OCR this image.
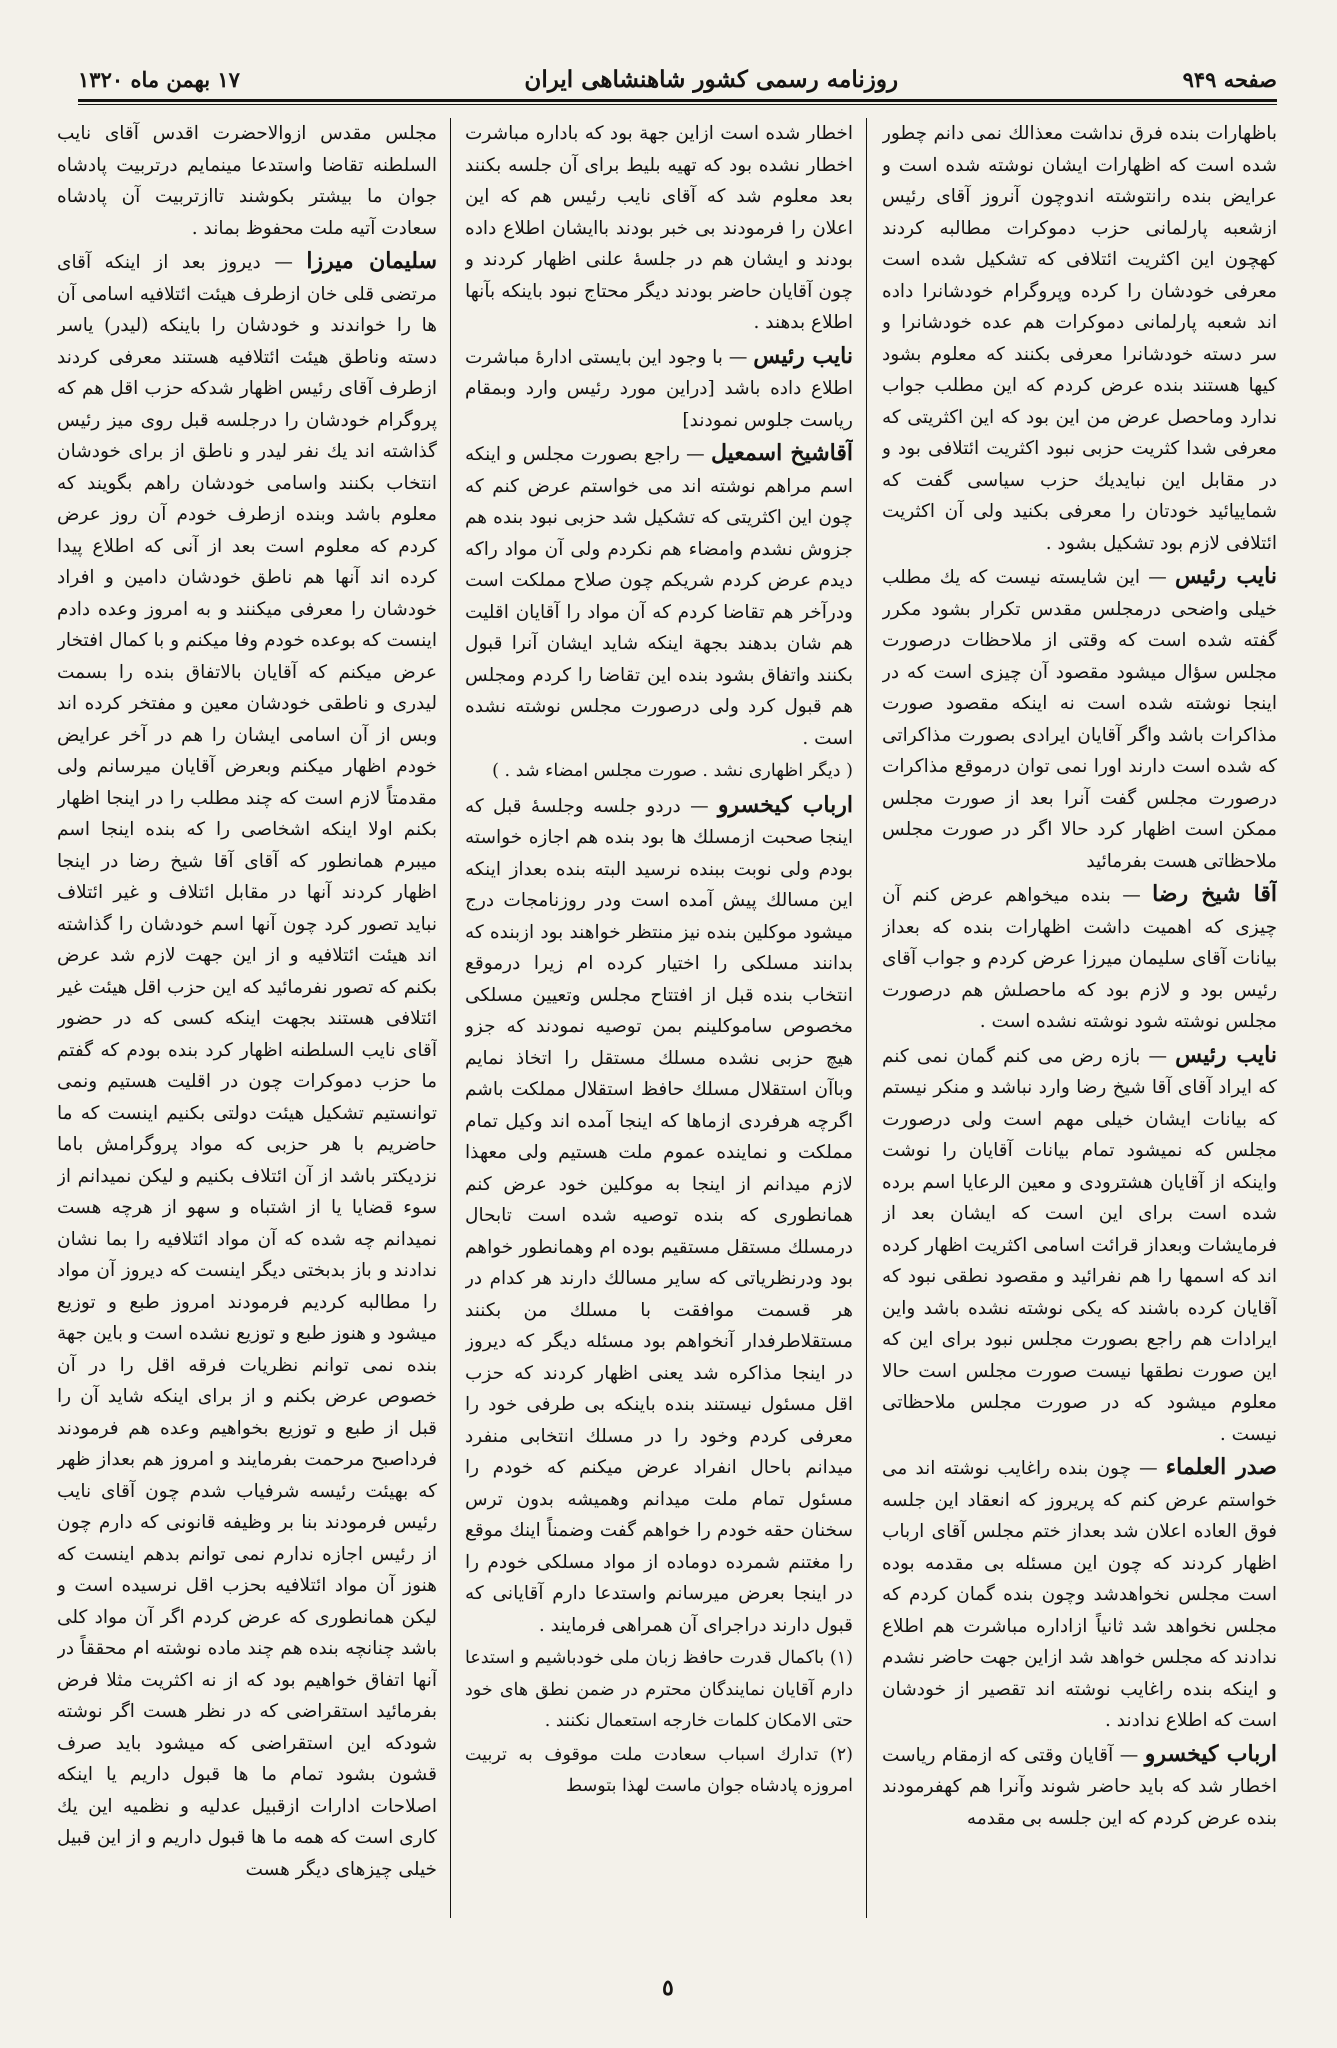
صفحه ۹۴۹
روزنامه رسمی کشور شاهنشاهی ایران
۱۷ بهمن ماه ۱۳۲۰

باظهارات بنده فرق نداشت معذالك نمی دانم چطور شده است که اظهارات ایشان نوشته شده است و عرایض بنده رانتوشته اندوچون آنروز آقای رئیس ازشعبه پارلمانی حزب دموکرات مطالبه کردند کهچون این اکثریت ائتلافی که تشکیل شده است معرفی خودشان را کرده وپروگرام خودشانرا داده اند شعبه پارلمانی دموکرات هم عده خودشانرا و سر دسته خودشانرا معرفی بکنند که معلوم بشود کیها هستند بنده عرض کردم که این مطلب جواب ندارد وماحصل عرض من این بود که این اکثریتی که معرفی شدا کثریت حزبی نبود اکثریت ائتلافی بود و در مقابل این نبایدیك حزب سیاسی گفت که شماییائید خودتان را معرفی بکنید ولی آن اکثریت ائتلافی لازم بود تشکیل بشود .

نایب رئیس — این شایسته نیست که یك مطلب خیلی واضحی درمجلس مقدس تکرار بشود مکرر گفته شده است که وقتی از ملاحظات درصورت مجلس سؤال میشود مقصود آن چیزی است که در اینجا نوشته شده است نه اینکه مقصود صورت مذاکرات باشد واگر آقایان ایرادی بصورت مذاکراتی که شده است دارند اورا نمی توان درموقع مذاکرات درصورت مجلس گفت آنرا بعد از صورت مجلس ممکن است اظهار کرد حالا اگر در صورت مجلس ملاحظاتی هست بفرمائید

آقا شیخ رضا — بنده میخواهم عرض کنم آن چیزی که اهمیت داشت اظهارات بنده که بعداز بیانات آقای سلیمان میرزا عرض کردم و جواب آقای رئیس بود و لازم بود که ماحصلش هم درصورت مجلس نوشته شود نوشته نشده است .

نایب رئیس — بازه رض می کنم گمان نمی کنم که ایراد آقای آقا شیخ رضا وارد نباشد و منکر نیستم که بیانات ایشان خیلی مهم است ولی درصورت مجلس که نمیشود تمام بیانات آقایان را نوشت واینکه از آقایان هشترودی و معین الرعایا اسم برده شده است برای این است که ایشان بعد از فرمایشات وبعداز قرائت اسامی اکثریت اظهار کرده اند که اسمها را هم نفرائید و مقصود نطقی نبود که آقایان کرده باشند که یکی نوشته نشده باشد واین ایرادات هم راجع بصورت مجلس نبود برای این که این صورت نطقها نیست صورت مجلس است حالا معلوم میشود که در صورت مجلس ملاحظاتی نیست .

صدر العلماء — چون بنده راغایب نوشته اند می خواستم عرض کنم که پریروز که انعقاد این جلسه فوق العاده اعلان شد بعداز ختم مجلس آقای ارباب اظهار کردند که چون این مسئله بی مقدمه بوده است مجلس نخواهدشد وچون بنده گمان کردم که مجلس نخواهد شد ثانیاً ازاداره مباشرت هم اطلاع ندادند که مجلس خواهد شد ازاین جهت حاضر نشدم و اینکه بنده راغایب نوشته اند تقصیر از خودشان است که اطلاع ندادند .

ارباب کیخسرو — آقایان وقتی که ازمقام ریاست اخطار شد که باید حاضر شوند وآنرا هم کهفرمودند بنده عرض کردم که این جلسه بی مقدمه

اخطار شده است ازاین جهة بود که باداره مباشرت اخطار نشده بود که تهیه بلیط برای آن جلسه بکنند بعد معلوم شد که آقای نایب رئیس هم که این اعلان را فرمودند بی خبر بودند باایشان اطلاع داده بودند و ایشان هم در جلسهٔ علنی اظهار کردند و چون آقایان حاضر بودند دیگر محتاج نبود باینکه بآنها اطلاع بدهند .

نایب رئیس — با وجود این بایستی ادارهٔ مباشرت اطلاع داده باشد [دراین مورد رئیس وارد وبمقام ریاست جلوس نمودند]

آقاشیخ اسمعیل — راجع بصورت مجلس و اینکه اسم مراهم نوشته اند می خواستم عرض کنم که چون این اکثریتی که تشکیل شد حزبی نبود بنده هم جزوش نشدم وامضاء هم نکردم ولی آن مواد راکه دیدم عرض کردم شریکم چون صلاح مملکت است ودرآخر هم تقاضا کردم که آن مواد را آقایان اقلیت هم شان بدهند بجهة اینکه شاید ایشان آنرا قبول بکنند واتفاق بشود بنده این تقاضا را کردم ومجلس هم قبول کرد ولی درصورت مجلس نوشته نشده است .

( دیگر اظهاری نشد . صورت مجلس امضاء شد . )

ارباب کیخسرو — دردو جلسه وجلسهٔ قبل که اینجا صحبت ازمسلك ها بود بنده هم اجازه خواسته بودم ولی نوبت ببنده نرسید البته بنده بعداز اینکه این مسالك پیش آمده است ودر روزنامجات درج میشود موکلین بنده نیز منتظر خواهند بود ازبنده که بدانند مسلکی را اختیار کرده ام زیرا درموقع انتخاب بنده قبل از افتتاح مجلس وتعیین مسلکی مخصوص ساموکلینم بمن توصیه نمودند که جزو هیچ حزبی نشده مسلك مستقل را اتخاذ نمایم وباآن استقلال مسلك حافظ استقلال مملکت باشم اگرچه هرفردی ازماها که اینجا آمده اند وکیل تمام مملکت و نماینده عموم ملت هستیم ولی معهذا لازم میدانم از اینجا به موکلین خود عرض کنم همانطوری که بنده توصیه شده است تابحال درمسلك مستقل مستقیم بوده ام وهمانطور خواهم بود ودرنظریاتی که سایر مسالك دارند هر کدام در هر قسمت موافقت با مسلك من بکنند مستقلاطرفدار آنخواهم بود مسئله دیگر که دیروز در اینجا مذاکره شد یعنی اظهار کردند که حزب اقل مسئول نیستند بنده باینکه بی طرفی خود را معرفی کردم وخود را در مسلك انتخابی منفرد میدانم باحال انفراد عرض میکنم که خودم را مسئول تمام ملت میدانم وهمیشه بدون ترس سخنان حقه خودم را خواهم گفت وضمناً اینك موقع را مغتنم شمرده دوماده از مواد مسلکی خودم را در اینجا بعرض میرسانم واستدعا دارم آقایانی که قبول دارند دراجرای آن همراهی فرمایند .

(۱) باکمال قدرت حافظ زبان ملی خودباشیم و استدعا دارم آقایان نمایندگان محترم در ضمن نطق های خود حتی الامکان کلمات خارجه استعمال نکنند .

(۲) تدارك اسباب سعادت ملت موقوف به تربیت امروزه پادشاه جوان ماست لهذا بتوسط

مجلس مقدس ازوالاحضرت اقدس آقای نایب السلطنه تقاضا واستدعا مینمایم درتربیت پادشاه جوان ما بیشتر بکوشند تاازتربیت آن پادشاه سعادت آتیه ملت محفوظ بماند .

سلیمان میرزا — دیروز بعد از اینکه آقای مرتضی قلی خان ازطرف هیئت ائتلافیه اسامی آن ها را خواندند و خودشان را باینکه (لیدر) یاسر دسته وناطق هیئت ائتلافیه هستند معرفی کردند ازطرف آقای رئیس اظهار شدکه حزب اقل هم که پروگرام خودشان را درجلسه قبل روی میز رئیس گذاشته اند یك نفر لیدر و ناطق از برای خودشان انتخاب بکنند واسامی خودشان راهم بگویند که معلوم باشد وبنده ازطرف خودم آن روز عرض کردم که معلوم است بعد از آنی که اطلاع پیدا کرده اند آنها هم ناطق خودشان دامین و افراد خودشان را معرفی میکنند و به امروز وعده دادم اینست که بوعده خودم وفا میکنم و با کمال افتخار عرض میکنم که آقایان بالاتفاق بنده را بسمت لیدری و ناطقی خودشان معین و مفتخر کرده اند وبس از آن اسامی ایشان را هم در آخر عرایض خودم اظهار میکنم وبعرض آقایان میرسانم ولی مقدمتاً لازم است که چند مطلب را در اینجا اظهار بکنم اولا اینکه اشخاصی را که بنده اینجا اسم میبرم همانطور که آقای آقا شیخ رضا در اینجا اظهار کردند آنها در مقابل ائتلاف و غیر ائتلاف نباید تصور کرد چون آنها اسم خودشان را گذاشته اند هیئت ائتلافیه و از این جهت لازم شد عرض بکنم که تصور نفرمائید که این حزب اقل هیئت غیر ائتلافی هستند بجهت اینکه کسی که در حضور آقای نایب السلطنه اظهار کرد بنده بودم که گفتم ما حزب دموکرات چون در اقلیت هستیم ونمی توانستیم تشکیل هیئت دولتی بکنیم اینست که ما حاضریم با هر حزبی که مواد پروگرامش باما نزدیکتر باشد از آن ائتلاف بکنیم و لیکن نمیدانم از سوء قضایا یا از اشتباه و سهو از هرچه هست نمیدانم چه شده که آن مواد ائتلافیه را بما نشان ندادند و باز بدبختی دیگر اینست که دیروز آن مواد را مطالبه کردیم فرمودند امروز طبع و توزیع میشود و هنوز طبع و توزیع نشده است و باین جهة بنده نمی توانم نظریات فرقه اقل را در آن خصوص عرض بکنم و از برای اینکه شاید آن را قبل از طبع و توزیع بخواهیم وعده هم فرمودند فرداصبح مرحمت بفرمایند و امروز هم بعداز ظهر که بهیئت رئیسه شرفیاب شدم چون آقای نایب رئیس فرمودند بنا بر وظیفه قانونی که دارم چون از رئیس اجازه ندارم نمی توانم بدهم اینست که هنوز آن مواد ائتلافیه بحزب اقل نرسیده است و لیکن همانطوری که عرض کردم اگر آن مواد کلی باشد چنانچه بنده هم چند ماده نوشته ام محققاً در آنها اتفاق خواهیم بود که از نه اکثریت مثلا فرض بفرمائید استقراضی که در نظر هست اگر نوشته شودکه این استقراضی که میشود باید صرف قشون بشود تمام ما ها قبول داریم یا اینکه اصلاحات ادارات ازقبیل عدلیه و نظمیه این یك کاری است که همه ما ها قبول داریم و از این قبیل خیلی چیزهای دیگر هست

٥
